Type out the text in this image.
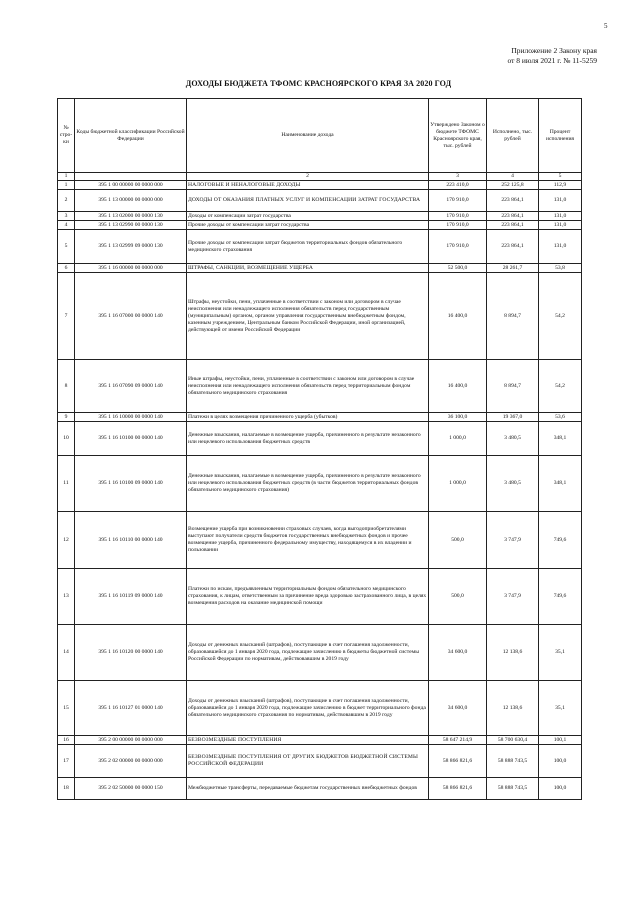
5
Приложение 2 Закону края
от 8 июля 2021 г. № 11-5259
ДОХОДЫ БЮДЖЕТА ТФОМС КРАСНОЯРСКОГО КРАЯ ЗА 2020 ГОД
№ стро- ки	Коды бюджетной классификации Российской Федерации	Наименование дохода	Утверждено Законом о бюджете ТФОМС Красноярского края, тыс. рублей	Исполнено, тыс. рублей	Процент исполнения
1		2	3	4	5
1	395 1 00 00000 00 0000 000	НАЛОГОВЫЕ И НЕНАЛОГОВЫЕ ДОХОДЫ	223 410,0	252 125,8	112,9
2	395 1 13 00000 00 0000 000	ДОХОДЫ ОТ ОКАЗАНИЯ ПЛАТНЫХ УСЛУГ И КОМПЕНСАЦИИ ЗАТРАТ ГОСУДАРСТВА	170 910,0	223 864,1	131,0
3	395 1 13 02000 00 0000 130	Доходы от компенсации затрат государства	170 910,0	223 864,1	131,0
4	395 1 13 02990 00 0000 130	Прочие доходы от компенсации затрат государства	170 910,0	223 864,1	131,0
5	395 1 13 02999 09 0000 130	Прочие доходы от компенсации затрат бюджетов территориальных фондов обязательного медицинского страхования	170 910,0	223 864,1	131,0
6	395 1 16 00000 00 0000 000	ШТРАФЫ, САНКЦИИ, ВОЗМЕЩЕНИЕ УЩЕРБА	52 500,0	28 261,7	53,8
7	395 1 16 07000 00 0000 140	Штрафы, неустойки, пени, уплаченные в соответствии с законом или договором в случае неисполнения или ненадлежащего исполнения обязательств перед государственным (муниципальным) органом, органом управления государственным внебюджетным фондом, казенным учреждением, Центральным банком Российской Федерации, иной организацией, действующей от имени Российской Федерации	16 400,0	8 894,7	54,2
8	395 1 16 07090 09 0000 140	Иные штрафы, неустойки, пени, уплаченные в соответствии с законом или договором в случае неисполнения или ненадлежащего исполнения обязательств перед территориальным фондом обязательного медицинского страхования	16 400,0	8 894,7	54,2
9	395 1 16 10000 00 0000 140	Платежи в целях возмещения причиненного ущерба (убытков)	36 100,0	19 367,0	53,6
10	395 1 16 10100 00 0000 140	Денежные взыскания, налагаемые в возмещение ущерба, причиненного в результате незаконного или нецелевого использования бюджетных средств	1 000,0	3 480,5	348,1
11	395 1 16 10100 09 0000 140	Денежные взыскания, налагаемые в возмещение ущерба, причиненного в результате незаконного или нецелевого использования бюджетных средств (в части бюджетов территориальных фондов обязательного медицинского страхования)	1 000,0	3 480,5	348,1
12	395 1 16 10110 00 0000 140	Возмещение ущерба при возникновении страховых случаев, когда выгодоприобретателями выступают получатели средств бюджетов государственных внебюджетных фондов и прочее возмещение ущерба, причиненного федеральному имуществу, находящемуся в их владении и пользовании	500,0	3 747,9	749,6
13	395 1 16 10119 09 0000 140	Платежи по искам, предъявленным территориальным фондом обязательного медицинского страхования, к лицам, ответственным за причинение вреда здоровью застрахованного лица, в целях возмещения расходов на оказание медицинской помощи	500,0	3 747,9	749,6
14	395 1 16 10120 00 0000 140	Доходы от денежных взысканий (штрафов), поступающие в счет погашения задолженности, образовавшейся до 1 января 2020 года, подлежащие зачислению в бюджеты бюджетной системы Российской Федерации по нормативам, действовавшим в 2019 году	34 600,0	12 138,6	35,1
15	395 1 16 10127 01 0000 140	Доходы от денежных взысканий (штрафов), поступающие в счет погашения задолженности, образовавшейся до 1 января 2020 года, подлежащие зачислению в бюджет территориального фонда обязательного медицинского страхования по нормативам, действовавшим в 2019 году	34 600,0	12 138,6	35,1
16	395 2 00 00000 00 0000 000	БЕЗВОЗМЕЗДНЫЕ ПОСТУПЛЕНИЯ	58 647 214,9	58 700 630,4	100,1
17	395 2 02 00000 00 0000 000	БЕЗВОЗМЕЗДНЫЕ ПОСТУПЛЕНИЯ ОТ ДРУГИХ БЮДЖЕТОВ БЮДЖЕТНОЙ СИСТЕМЫ РОССИЙСКОЙ ФЕДЕРАЦИИ	58 866 821,6	58 888 743,5	100,0
18	395 2 02 50000 00 0000 150	Межбюджетные трансферты, передаваемые бюджетам государственных внебюджетных фондов	58 866 821,6	58 888 743,5	100,0
